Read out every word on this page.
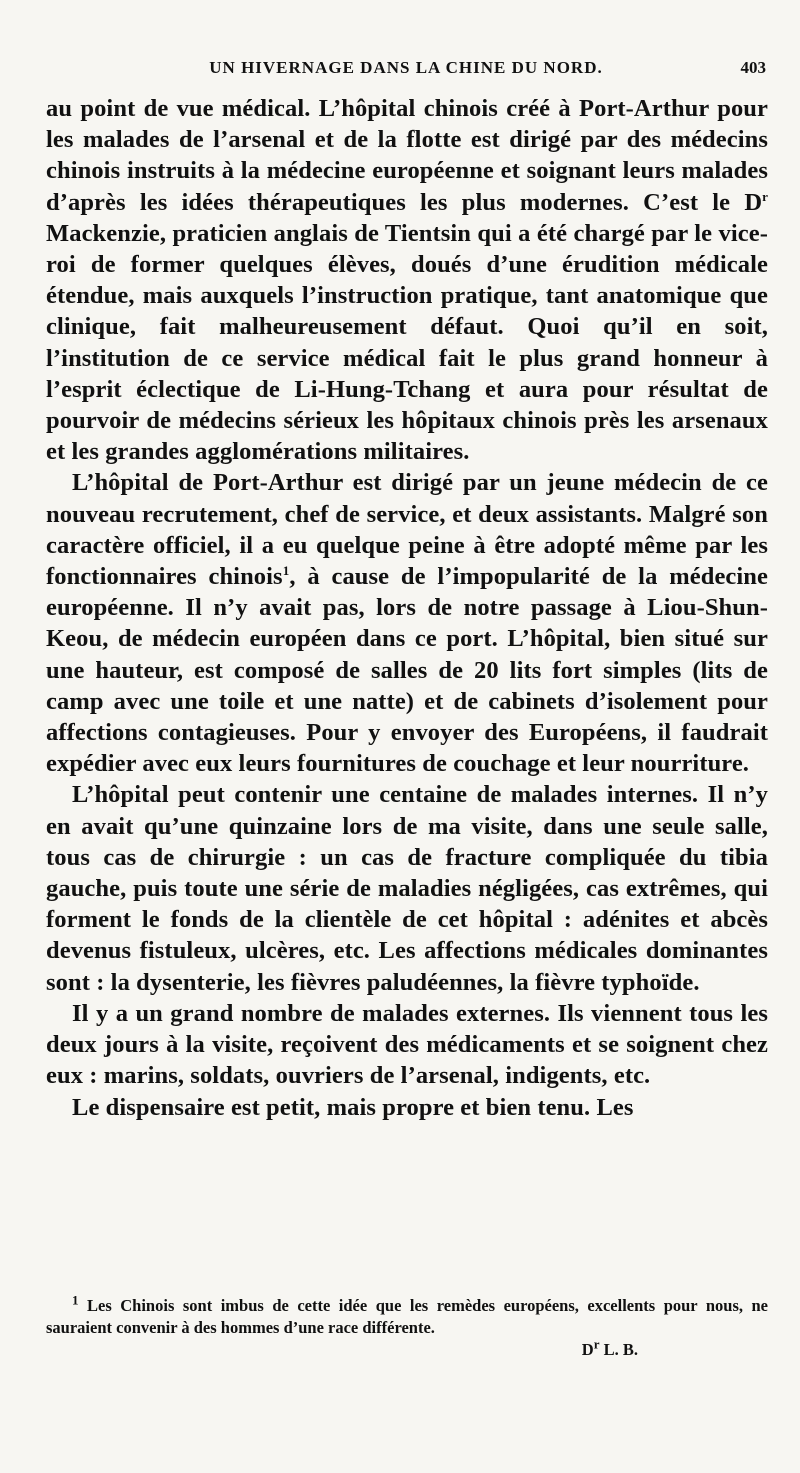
UN HIVERNAGE DANS LA CHINE DU NORD.	403

au point de vue médical. L’hôpital chinois créé à Port-Arthur pour les malades de l’arsenal et de la flotte est dirigé par des médecins chinois instruits à la médecine européenne et soignant leurs malades d’après les idées thérapeutiques les plus modernes. C’est le $D^r$ Mackenzie, praticien anglais de Tientsin qui a été chargé par le vice-roi de former quelques élèves, doués d’une érudition médicale étendue, mais auxquels l’instruction pratique, tant anatomique que clinique, fait malheureusement défaut. Quoi qu’il en soit, l’institution de ce service médical fait le plus grand honneur à l’esprit éclectique de Li-Hung-Tchang et aura pour résultat de pourvoir de médecins sérieux les hôpitaux chinois près les arsenaux et les grandes agglomérations militaires.

L’hôpital de Port-Arthur est dirigé par un jeune médecin de ce nouveau recrutement, chef de service, et deux assistants. Malgré son caractère officiel, il a eu quelque peine à être adopté même par les fonctionnaires chinois$^1$, à cause de l’impopularité de la médecine européenne. Il n’y avait pas, lors de notre passage à Liou-Shun-Keou, de médecin européen dans ce port. L’hôpital, bien situé sur une hauteur, est composé de salles de 20 lits fort simples (lits de camp avec une toile et une natte) et de cabinets d’isolement pour affections contagieuses. Pour y envoyer des Européens, il faudrait expédier avec eux leurs fournitures de couchage et leur nourriture.

L’hôpital peut contenir une centaine de malades internes. Il n’y en avait qu’une quinzaine lors de ma visite, dans une seule salle, tous cas de chirurgie : un cas de fracture compliquée du tibia gauche, puis toute une série de maladies négligées, cas extrêmes, qui forment le fonds de la clientèle de cet hôpital : adénites et abcès devenus fistuleux, ulcères, etc. Les affections médicales dominantes sont : la dysenterie, les fièvres paludéennes, la fièvre typhoïde.

Il y a un grand nombre de malades externes. Ils viennent tous les deux jours à la visite, reçoivent des médicaments et se soignent chez eux : marins, soldats, ouvriers de l’arsenal, indigents, etc.

Le dispensaire est petit, mais propre et bien tenu. Les

$^1$ Les Chinois sont imbus de cette idée que les remèdes européens, excellents pour nous, ne sauraient convenir à des hommes d’une race différente.

$D^r$ L. B.
